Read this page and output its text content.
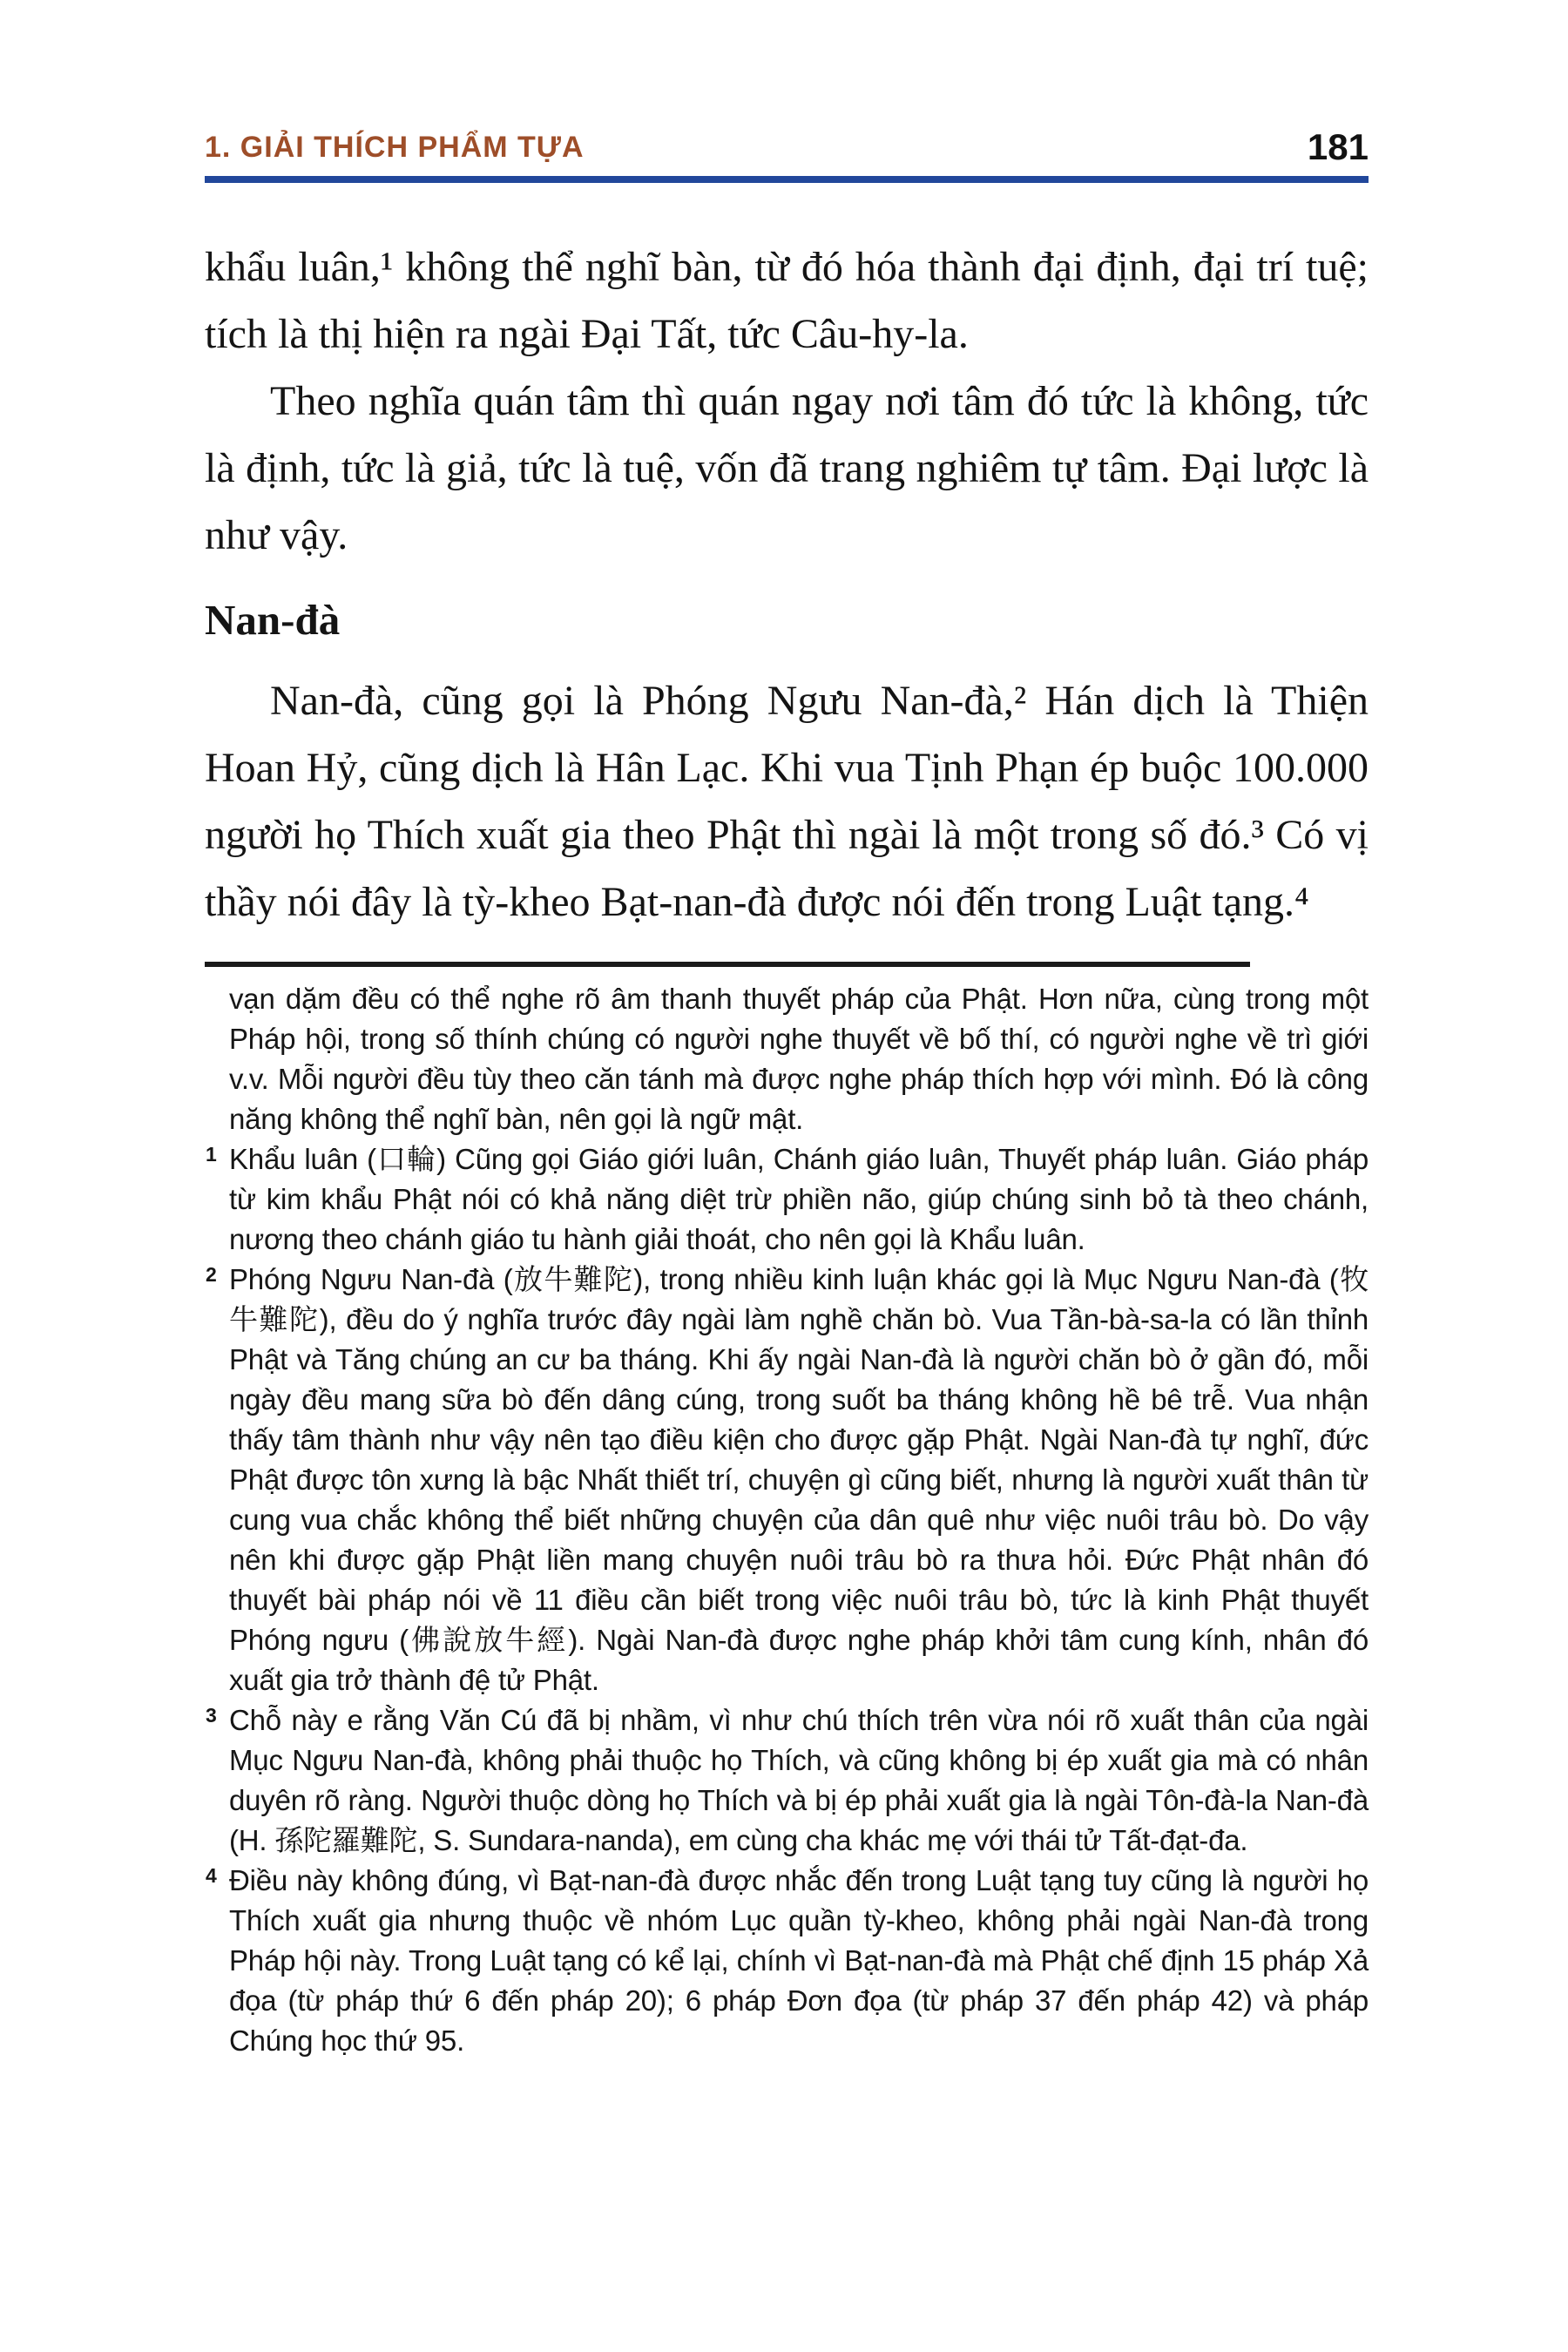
1. GIẢI THÍCH PHẨM TỰA	181

khẩu luân,¹ không thể nghĩ bàn, từ đó hóa thành đại định, đại trí tuệ; tích là thị hiện ra ngài Đại Tất, tức Câu-hy-la.

Theo nghĩa quán tâm thì quán ngay nơi tâm đó tức là không, tức là định, tức là giả, tức là tuệ, vốn đã trang nghiêm tự tâm. Đại lược là như vậy.

Nan-đà

Nan-đà, cũng gọi là Phóng Ngưu Nan-đà,² Hán dịch là Thiện Hoan Hỷ, cũng dịch là Hân Lạc. Khi vua Tịnh Phạn ép buộc 100.000 người họ Thích xuất gia theo Phật thì ngài là một trong số đó.³ Có vị thầy nói đây là tỳ-kheo Bạt-nan-đà được nói đến trong Luật tạng.⁴

vạn dặm đều có thể nghe rõ âm thanh thuyết pháp của Phật. Hơn nữa, cùng trong một Pháp hội, trong số thính chúng có người nghe thuyết về bố thí, có người nghe về trì giới v.v. Mỗi người đều tùy theo căn tánh mà được nghe pháp thích hợp với mình. Đó là công năng không thể nghĩ bàn, nên gọi là ngữ mật.

1 Khẩu luân (口輪) Cũng gọi Giáo giới luân, Chánh giáo luân, Thuyết pháp luân. Giáo pháp từ kim khẩu Phật nói có khả năng diệt trừ phiền não, giúp chúng sinh bỏ tà theo chánh, nương theo chánh giáo tu hành giải thoát, cho nên gọi là Khẩu luân.

2 Phóng Ngưu Nan-đà (放牛難陀), trong nhiều kinh luận khác gọi là Mục Ngưu Nan-đà (牧牛難陀), đều do ý nghĩa trước đây ngài làm nghề chăn bò. Vua Tần-bà-sa-la có lần thỉnh Phật và Tăng chúng an cư ba tháng. Khi ấy ngài Nan-đà là người chăn bò ở gần đó, mỗi ngày đều mang sữa bò đến dâng cúng, trong suốt ba tháng không hề bê trễ. Vua nhận thấy tâm thành như vậy nên tạo điều kiện cho được gặp Phật. Ngài Nan-đà tự nghĩ, đức Phật được tôn xưng là bậc Nhất thiết trí, chuyện gì cũng biết, nhưng là người xuất thân từ cung vua chắc không thể biết những chuyện của dân quê như việc nuôi trâu bò. Do vậy nên khi được gặp Phật liền mang chuyện nuôi trâu bò ra thưa hỏi. Đức Phật nhân đó thuyết bài pháp nói về 11 điều cần biết trong việc nuôi trâu bò, tức là kinh Phật thuyết Phóng ngưu (佛說放牛經). Ngài Nan-đà được nghe pháp khởi tâm cung kính, nhân đó xuất gia trở thành đệ tử Phật.

3 Chỗ này e rằng Văn Cú đã bị nhầm, vì như chú thích trên vừa nói rõ xuất thân của ngài Mục Ngưu Nan-đà, không phải thuộc họ Thích, và cũng không bị ép xuất gia mà có nhân duyên rõ ràng. Người thuộc dòng họ Thích và bị ép phải xuất gia là ngài Tôn-đà-la Nan-đà (H. 孫陀羅難陀, S. Sundara-nanda), em cùng cha khác mẹ với thái tử Tất-đạt-đa.

4 Điều này không đúng, vì Bạt-nan-đà được nhắc đến trong Luật tạng tuy cũng là người họ Thích xuất gia nhưng thuộc về nhóm Lục quần tỳ-kheo, không phải ngài Nan-đà trong Pháp hội này. Trong Luật tạng có kể lại, chính vì Bạt-nan-đà mà Phật chế định 15 pháp Xả đọa (từ pháp thứ 6 đến pháp 20); 6 pháp Đơn đọa (từ pháp 37 đến pháp 42) và pháp Chúng học thứ 95.
